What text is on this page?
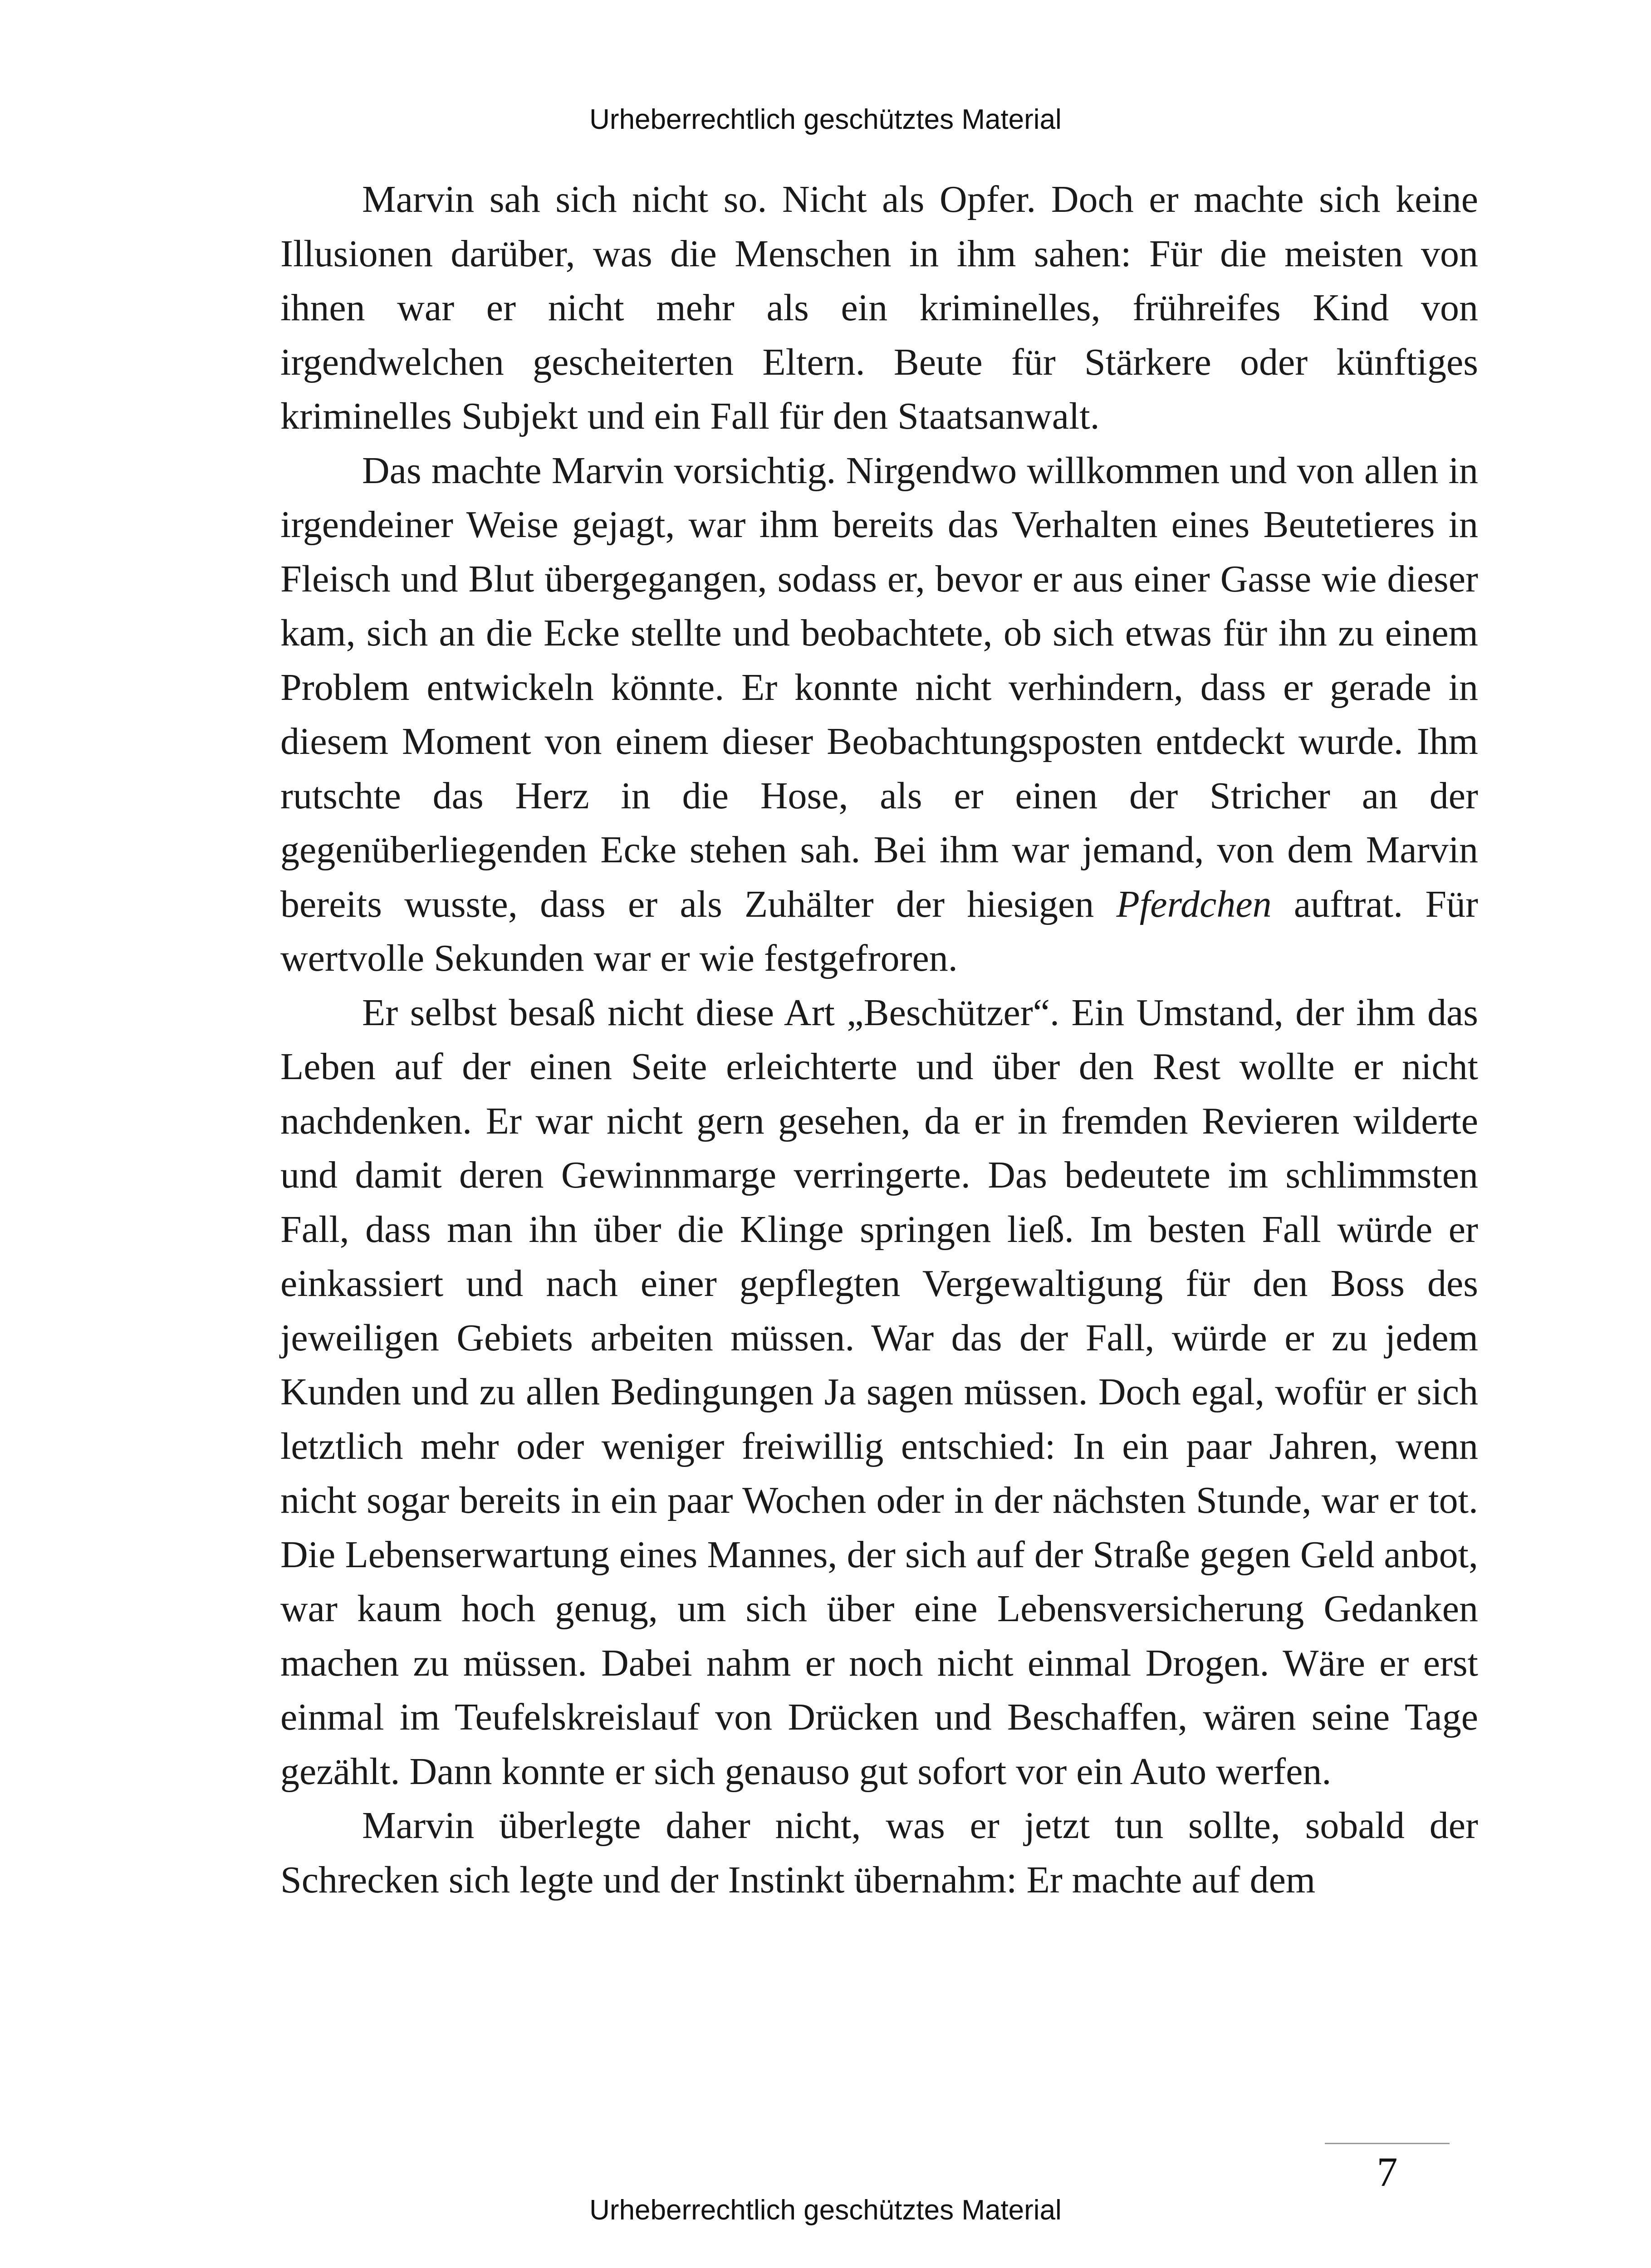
Urheberrechtlich geschütztes Material

Marvin sah sich nicht so. Nicht als Opfer. Doch er machte sich keine Illusionen darüber, was die Menschen in ihm sahen: Für die meisten von ihnen war er nicht mehr als ein kriminelles, frühreifes Kind von irgendwelchen gescheiterten Eltern. Beute für Stärkere oder künftiges kriminelles Subjekt und ein Fall für den Staatsanwalt.

Das machte Marvin vorsichtig. Nirgendwo willkommen und von allen in irgendeiner Weise gejagt, war ihm bereits das Verhalten eines Beutetieres in Fleisch und Blut übergegangen, sodass er, bevor er aus einer Gasse wie dieser kam, sich an die Ecke stellte und beobachtete, ob sich etwas für ihn zu einem Problem entwickeln könnte. Er konnte nicht verhindern, dass er gerade in diesem Moment von einem dieser Beobachtungsposten entdeckt wurde. Ihm rutschte das Herz in die Hose, als er einen der Stricher an der gegenüberliegenden Ecke stehen sah. Bei ihm war jemand, von dem Marvin bereits wusste, dass er als Zuhälter der hiesigen Pferdchen auftrat. Für wertvolle Sekunden war er wie festgefroren.

Er selbst besaß nicht diese Art „Beschützer“. Ein Umstand, der ihm das Leben auf der einen Seite erleichterte und über den Rest wollte er nicht nachdenken. Er war nicht gern gesehen, da er in fremden Revieren wilderte und damit deren Gewinnmarge verringerte. Das bedeutete im schlimmsten Fall, dass man ihn über die Klinge springen ließ. Im besten Fall würde er einkassiert und nach einer gepflegten Vergewaltigung für den Boss des jeweiligen Gebiets arbeiten müssen. War das der Fall, würde er zu jedem Kunden und zu allen Bedingungen Ja sagen müssen. Doch egal, wofür er sich letztlich mehr oder weniger freiwillig entschied: In ein paar Jahren, wenn nicht sogar bereits in ein paar Wochen oder in der nächsten Stunde, war er tot. Die Lebenserwartung eines Mannes, der sich auf der Straße gegen Geld anbot, war kaum hoch genug, um sich über eine Lebensversicherung Gedanken machen zu müssen. Dabei nahm er noch nicht einmal Drogen. Wäre er erst einmal im Teufelskreislauf von Drücken und Beschaffen, wären seine Tage gezählt. Dann konnte er sich genauso gut sofort vor ein Auto werfen.

Marvin überlegte daher nicht, was er jetzt tun sollte, sobald der Schrecken sich legte und der Instinkt übernahm: Er machte auf dem

7
Urheberrechtlich geschütztes Material
